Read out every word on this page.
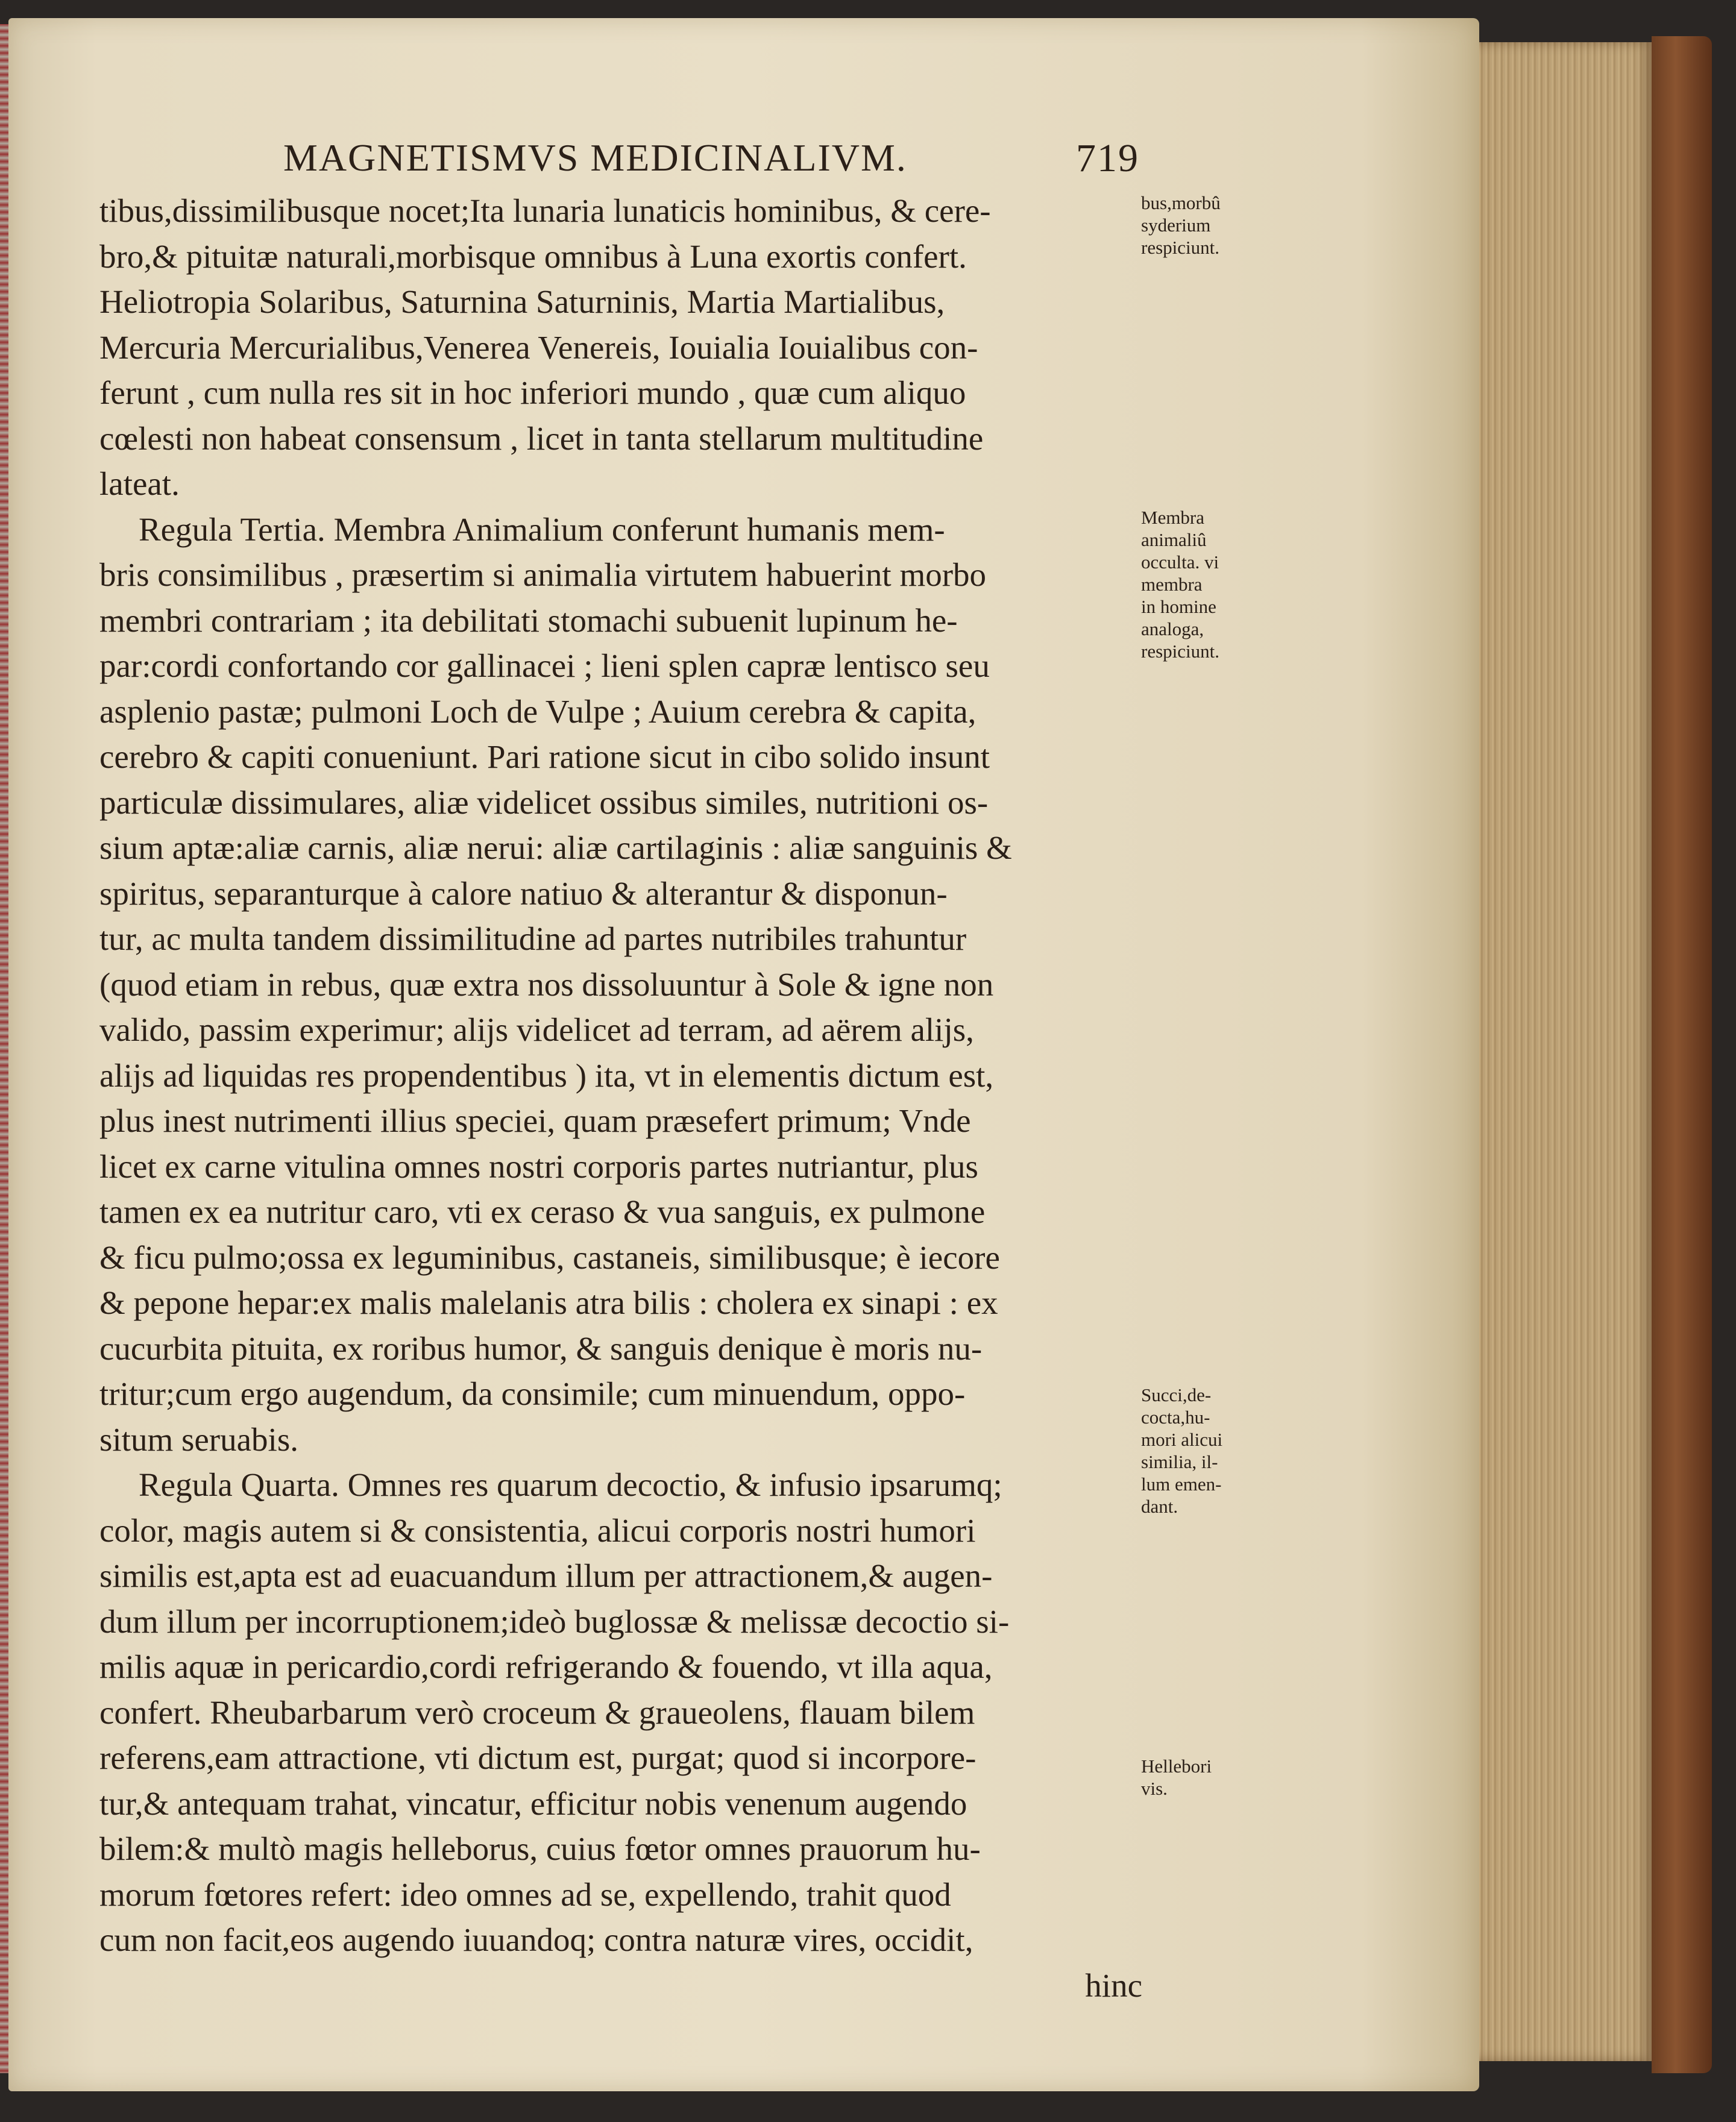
MAGNETISMVS MEDICINALIVM.	719
tibus,dissimilibusque nocet;Ita lunaria lunaticis hominibus, & cere-
bro,& pituitæ naturali,morbisque omnibus à Luna exortis confert.
Heliotropia Solaribus, Saturnina Saturninis, Martia Martialibus,
Mercuria Mercurialibus,Venerea Venereis, Iouialia Iouialibus con-
ferunt , cum nulla res sit in hoc inferiori mundo , quæ cum aliquo
cœlesti non habeat consensum , licet in tanta stellarum multitudine
lateat.
Regula Tertia. Membra Animalium conferunt humanis mem-
bris consimilibus , præsertim si animalia virtutem habuerint morbo
membri contrariam ; ita debilitati stomachi subuenit lupinum he-
par:cordi confortando cor gallinacei ; lieni splen capræ lentisco seu
asplenio pastæ; pulmoni Loch de Vulpe ; Auium cerebra & capita,
cerebro & capiti conueniunt. Pari ratione sicut in cibo solido insunt
particulæ dissimulares, aliæ videlicet ossibus similes, nutritioni os-
sium aptæ:aliæ carnis, aliæ nerui: aliæ cartilaginis : aliæ sanguinis &
spiritus, separanturque à calore natiuo & alterantur & disponun-
tur, ac multa tandem dissimilitudine ad partes nutribiles trahuntur
(quod etiam in rebus, quæ extra nos dissoluuntur à Sole & igne non
valido, passim experimur; alijs videlicet ad terram, ad aërem alijs,
alijs ad liquidas res propendentibus ) ita, vt in elementis dictum est,
plus inest nutrimenti illius speciei, quam præsefert primum; Vnde
licet ex carne vitulina omnes nostri corporis partes nutriantur, plus
tamen ex ea nutritur caro, vti ex ceraso & vua sanguis, ex pulmone
& ficu pulmo;ossa ex leguminibus, castaneis, similibusque; è iecore
& pepone hepar:ex malis malelanis atra bilis : cholera ex sinapi : ex
cucurbita pituita, ex roribus humor, & sanguis denique è moris nu-
tritur;cum ergo augendum, da consimile; cum minuendum, oppo-
situm seruabis.
Regula Quarta. Omnes res quarum decoctio, & infusio ipsarumq;
color, magis autem si & consistentia, alicui corporis nostri humori
similis est,apta est ad euacuandum illum per attractionem,& augen-
dum illum per incorruptionem;ideò buglossæ & melissæ decoctio si-
milis aquæ in pericardio,cordi refrigerando & fouendo, vt illa aqua,
confert. Rheubarbarum verò croceum & graueolens, flauam bilem
referens,eam attractione, vti dictum est, purgat; quod si incorpore-
tur,& antequam trahat, vincatur, efficitur nobis venenum augendo
bilem:& multò magis helleborus, cuius fœtor omnes prauorum hu-
morum fœtores refert: ideo omnes ad se, expellendo, trahit quod
cum non facit,eos augendo iuuandoq; contra naturæ vires, occidit,
hinc
bus,morbû
syderium
respiciunt.
Membra
animaliû
occulta. vi
membra
in homine
analoga,
respiciunt.
Succi,de-
cocta,hu-
mori alicui
similia, il-
lum emen-
dant.
Hellebori
vis.
